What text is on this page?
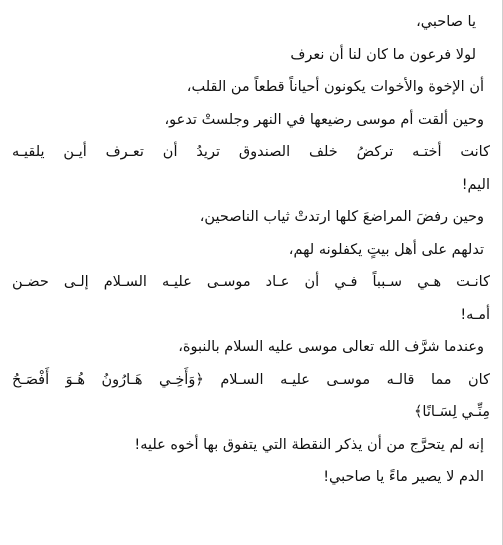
يا صاحبي،
لولا فرعون ما كان لنا أن نعرف
أن الإخوة والأخوات يكونون أحياناً قطعاً من القلب،
وحين ألقت أم موسى رضيعها في النهر وجلستْ تدعو،
كانت أختـه تركضُ خلف الصندوق تريدُ أن تعـرف أيـن يلقيـه
اليم!
وحين رفضَ المراضعَ كلها ارتدتْ ثياب الناصحين،
تدلهم على أهل بيتٍ يكفلونه لهم،
كانـت هـي سـبباً فـي أن عـاد موسـى عليـه السـلام إلـى حضـن
أمـه!
وعندما شرَّف الله تعالى موسى عليه السلام بالنبوة،
كان مما قالـه موسـى عليـه السـلام ﴿وَأَخِـي هَـارُونُ هُـوَ أَفْصَـحُ
مِنِّـي لِسَـانًا﴾
إنه لم يتحرَّج من أن يذكر النقطة التي يتفوق بها أخوه عليه!
الدم لا يصير ماءً يا صاحبي!
